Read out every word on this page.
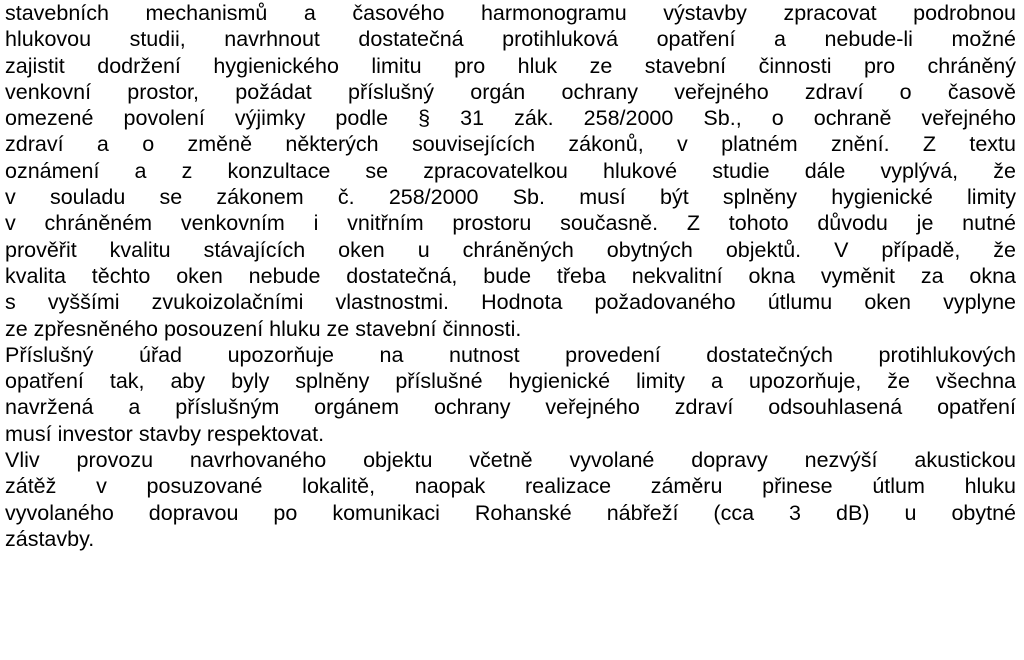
stavebních mechanismů a časového harmonogramu výstavby zpracovat podrobnou
hlukovou studii, navrhnout dostatečná protihluková opatření a nebude-li možné
zajistit dodržení hygienického limitu pro hluk ze stavební činnosti pro chráněný
venkovní prostor, požádat příslušný orgán ochrany veřejného zdraví o časově
omezené povolení výjimky podle § 31 zák. 258/2000 Sb., o ochraně veřejného
zdraví a o změně některých souvisejících zákonů, v platném znění. Z textu
oznámení a z konzultace se zpracovatelkou hlukové studie dále vyplývá, že
v souladu se zákonem č. 258/2000 Sb. musí být splněny hygienické limity
v chráněném venkovním i vnitřním prostoru současně. Z tohoto důvodu je nutné
prověřit kvalitu stávajících oken u chráněných obytných objektů. V případě, že
kvalita těchto oken nebude dostatečná, bude třeba nekvalitní okna vyměnit za okna
s vyššími zvukoizolačními vlastnostmi. Hodnota požadovaného útlumu oken vyplyne
ze zpřesněného posouzení hluku ze stavební činnosti.
Příslušný úřad upozorňuje na nutnost provedení dostatečných protihlukových
opatření tak, aby byly splněny příslušné hygienické limity a upozorňuje, že všechna
navržená a příslušným orgánem ochrany veřejného zdraví odsouhlasená opatření
musí investor stavby respektovat.
Vliv provozu navrhovaného objektu včetně vyvolané dopravy nezvýší akustickou
zátěž v posuzované lokalitě, naopak realizace záměru přinese útlum hluku
vyvolaného dopravou po komunikaci Rohanské nábřeží (cca 3 dB) u obytné
zástavby.
